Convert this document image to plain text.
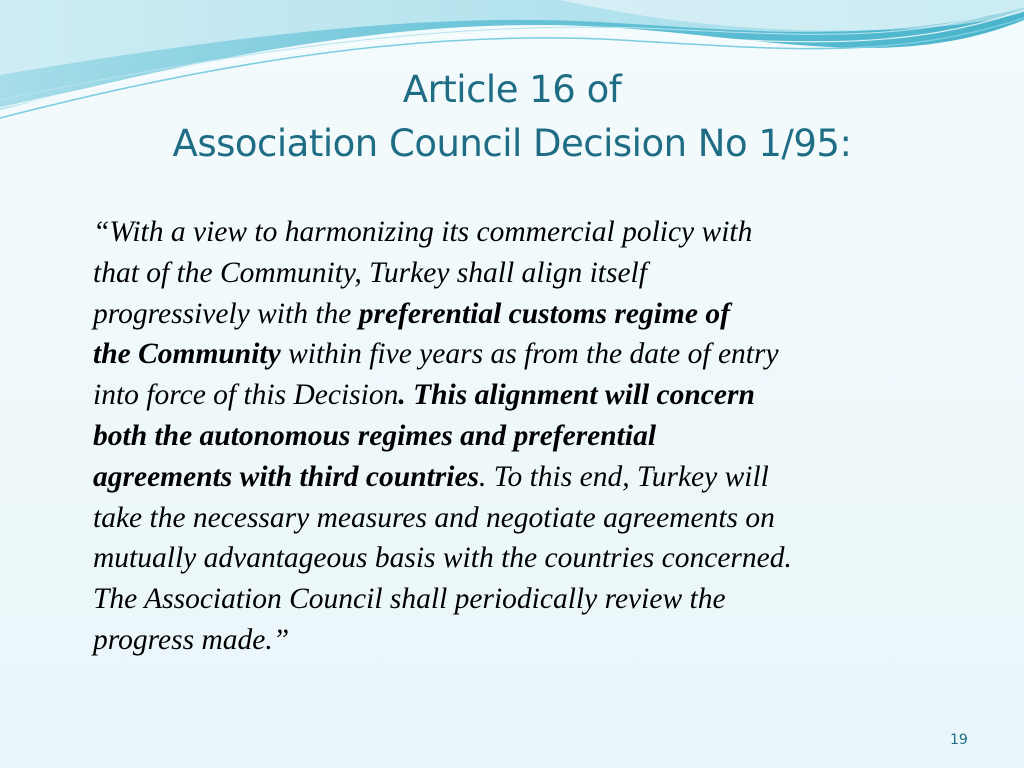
Article 16 of
Association Council Decision No 1/95:
“With a view to harmonizing its commercial policy with
that of the Community, Turkey shall align itself
progressively with the preferential customs regime of
the Community within five years as from the date of entry
into force of this Decision. This alignment will concern
both the autonomous regimes and preferential
agreements with third countries. To this end, Turkey will
take the necessary measures and negotiate agreements on
mutually advantageous basis with the countries concerned.
The Association Council shall periodically review the
progress made.”
19
